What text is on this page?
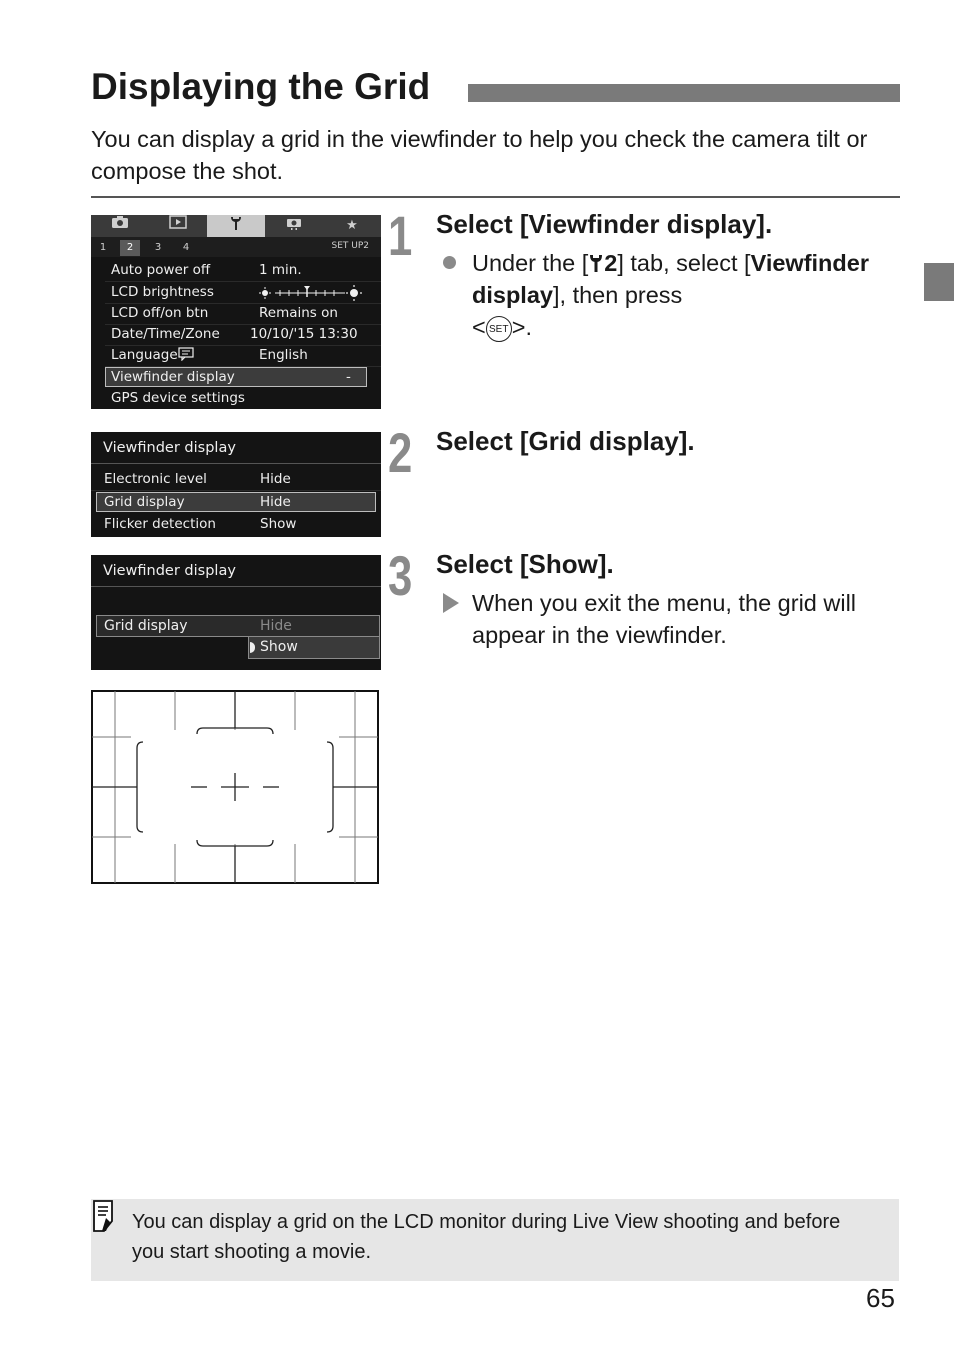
Displaying the Grid
You can display a grid in the viewfinder to help you check the camera tilt or compose the shot.
★
1	2	3	4	SET UP2
Auto power off	1 min.
LCD brightness
LCD off/on btn	Remains on
Date/Time/Zone 10/10/'15 13:30
Language	English
Viewfinder display	-
GPS device settings
Viewfinder display
Electronic level	Hide
Grid display	Hide
Flicker detection	Show
Viewfinder display
Grid display	Hide
Show
1 Select [Viewfinder display].
Under the [ 2] tab, select [Viewfinder display], then press
< SET >.
2 Select [Grid display].
3 Select [Show].
When you exit the menu, the grid will appear in the viewfinder.
You can display a grid on the LCD monitor during Live View shooting and before you start shooting a movie.
65
